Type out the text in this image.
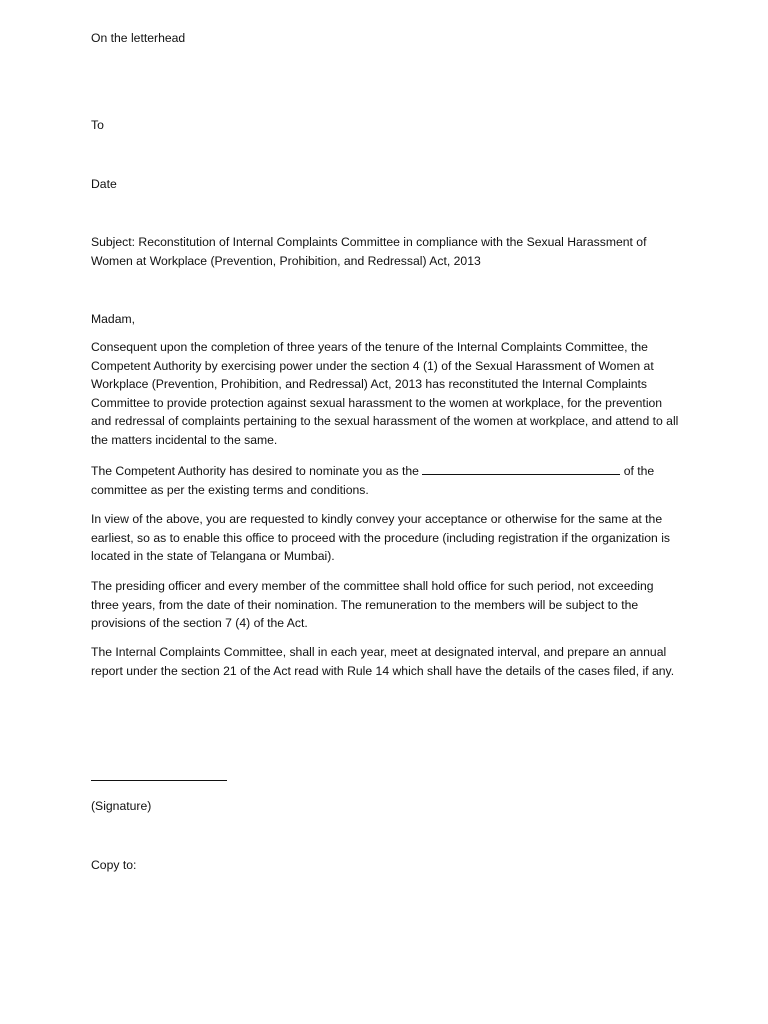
On the letterhead
To
Date

Subject: Reconstitution of Internal Complaints Committee in compliance with the Sexual Harassment of Women at Workplace (Prevention, Prohibition, and Redressal) Act, 2013

Madam,

Consequent upon the completion of three years of the tenure of the Internal Complaints Committee, the Competent Authority by exercising power under the section 4 (1) of the Sexual Harassment of Women at Workplace (Prevention, Prohibition, and Redressal) Act, 2013 has reconstituted the Internal Complaints Committee to provide protection against sexual harassment to the women at workplace, for the prevention and redressal of complaints pertaining to the sexual harassment of the women at workplace, and attend to all the matters incidental to the same.

The Competent Authority has desired to nominate you as the	of the committee as per the existing terms and conditions.

In view of the above, you are requested to kindly convey your acceptance or otherwise for the same at the earliest, so as to enable this office to proceed with the procedure (including registration if the organization is located in the state of Telangana or Mumbai).

The presiding officer and every member of the committee shall hold office for such period, not exceeding three years, from the date of their nomination. The remuneration to the members will be subject to the provisions of the section 7 (4) of the Act.

The Internal Complaints Committee, shall in each year, meet at designated interval, and prepare an annual report under the section 21 of the Act read with Rule 14 which shall have the details of the cases filed, if any.

(Signature)
Copy to:
